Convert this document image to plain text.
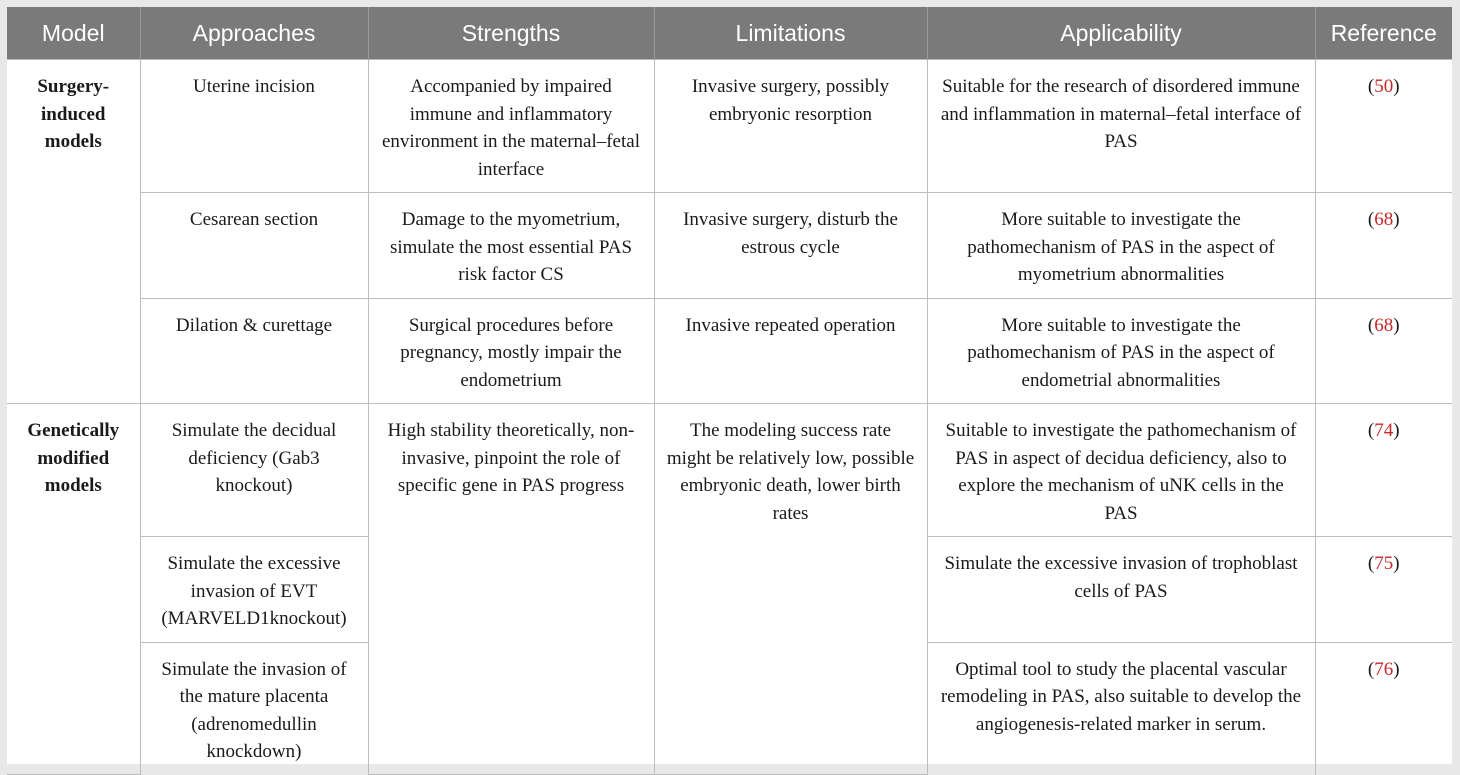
Model	Approaches	Strengths	Limitations	Applicability	Reference
Surgery-induced models	Uterine incision	Accompanied by impaired immune and inflammatory environment in the maternal–fetal interface	Invasive surgery, possibly embryonic resorption	Suitable for the research of disordered immune and inflammation in maternal–fetal interface of PAS	(50)
	Cesarean section	Damage to the myometrium, simulate the most essential PAS risk factor CS	Invasive surgery, disturb the estrous cycle	More suitable to investigate the pathomechanism of PAS in the aspect of myometrium abnormalities	(68)
	Dilation & curettage	Surgical procedures before pregnancy, mostly impair the endometrium	Invasive repeated operation	More suitable to investigate the pathomechanism of PAS in the aspect of endometrial abnormalities	(68)
Genetically modified models	Simulate the decidual deficiency (Gab3 knockout)	High stability theoretically, non-invasive, pinpoint the role of specific gene in PAS progress	The modeling success rate might be relatively low, possible embryonic death, lower birth rates	Suitable to investigate the pathomechanism of PAS in aspect of decidua deficiency, also to explore the mechanism of uNK cells in the PAS	(74)
	Simulate the excessive invasion of EVT (MARVELD1knockout)			Simulate the excessive invasion of trophoblast cells of PAS	(75)
	Simulate the invasion of the mature placenta (adrenomedullin knockdown)			Optimal tool to study the placental vascular remodeling in PAS, also suitable to develop the angiogenesis-related marker in serum.	(76)
